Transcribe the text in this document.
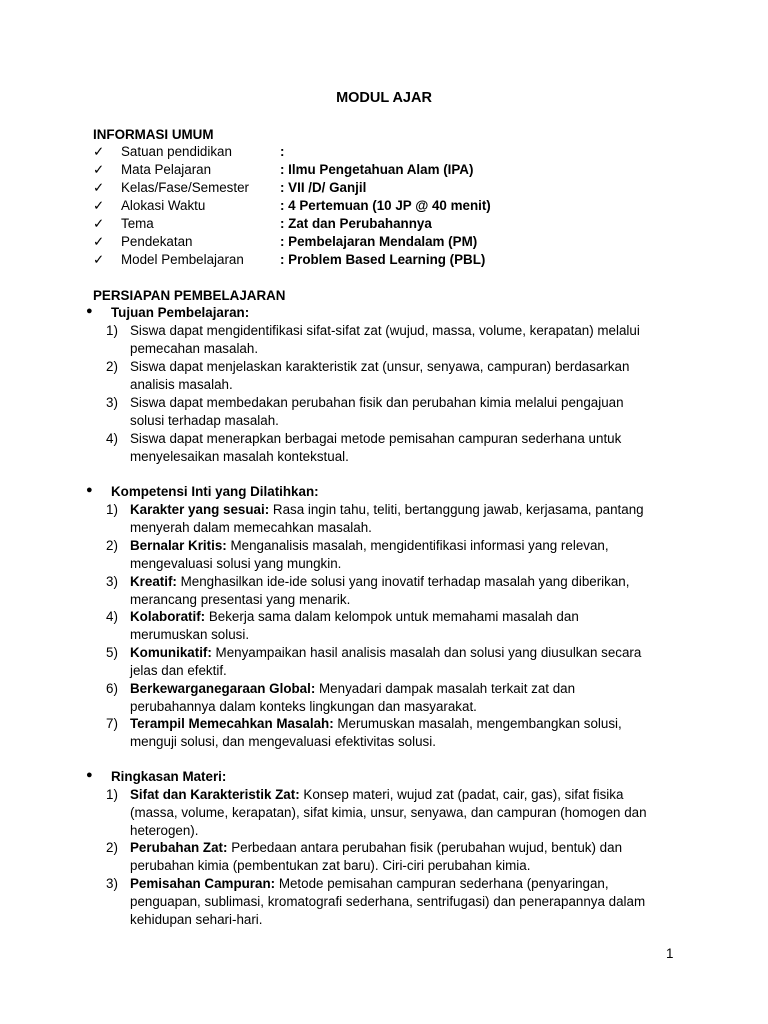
MODUL AJAR
INFORMASI UMUM
✓ Satuan pendidikan	:
✓ Mata Pelajaran	: Ilmu Pengetahuan Alam (IPA)
✓ Kelas/Fase/Semester : VII /D/ Ganjil
✓ Alokasi Waktu	: 4 Pertemuan (10 JP @ 40 menit)
✓ Tema	: Zat dan Perubahannya
✓ Pendekatan	: Pembelajaran Mendalam (PM)
✓ Model Pembelajaran	: Problem Based Learning (PBL)
PERSIAPAN PEMBELAJARAN
● Tujuan Pembelajaran:
1) Siswa dapat mengidentifikasi sifat-sifat zat (wujud, massa, volume, kerapatan) melalui
pemecahan masalah.
2) Siswa dapat menjelaskan karakteristik zat (unsur, senyawa, campuran) berdasarkan
analisis masalah.
3) Siswa dapat membedakan perubahan fisik dan perubahan kimia melalui pengajuan
solusi terhadap masalah.
4) Siswa dapat menerapkan berbagai metode pemisahan campuran sederhana untuk
menyelesaikan masalah kontekstual.
● Kompetensi Inti yang Dilatihkan:
1) Karakter yang sesuai: Rasa ingin tahu, teliti, bertanggung jawab, kerjasama, pantang
menyerah dalam memecahkan masalah.
2) Bernalar Kritis: Menganalisis masalah, mengidentifikasi informasi yang relevan,
mengevaluasi solusi yang mungkin.
3) Kreatif: Menghasilkan ide-ide solusi yang inovatif terhadap masalah yang diberikan,
merancang presentasi yang menarik.
4) Kolaboratif: Bekerja sama dalam kelompok untuk memahami masalah dan
merumuskan solusi.
5) Komunikatif: Menyampaikan hasil analisis masalah dan solusi yang diusulkan secara
jelas dan efektif.
6) Berkewarganegaraan Global: Menyadari dampak masalah terkait zat dan
perubahannya dalam konteks lingkungan dan masyarakat.
7) Terampil Memecahkan Masalah: Merumuskan masalah, mengembangkan solusi,
menguji solusi, dan mengevaluasi efektivitas solusi.
● Ringkasan Materi:
1) Sifat dan Karakteristik Zat: Konsep materi, wujud zat (padat, cair, gas), sifat fisika
(massa, volume, kerapatan), sifat kimia, unsur, senyawa, dan campuran (homogen dan
heterogen).
2) Perubahan Zat: Perbedaan antara perubahan fisik (perubahan wujud, bentuk) dan
perubahan kimia (pembentukan zat baru). Ciri-ciri perubahan kimia.
3) Pemisahan Campuran: Metode pemisahan campuran sederhana (penyaringan,
penguapan, sublimasi, kromatografi sederhana, sentrifugasi) dan penerapannya dalam
kehidupan sehari-hari.
1
